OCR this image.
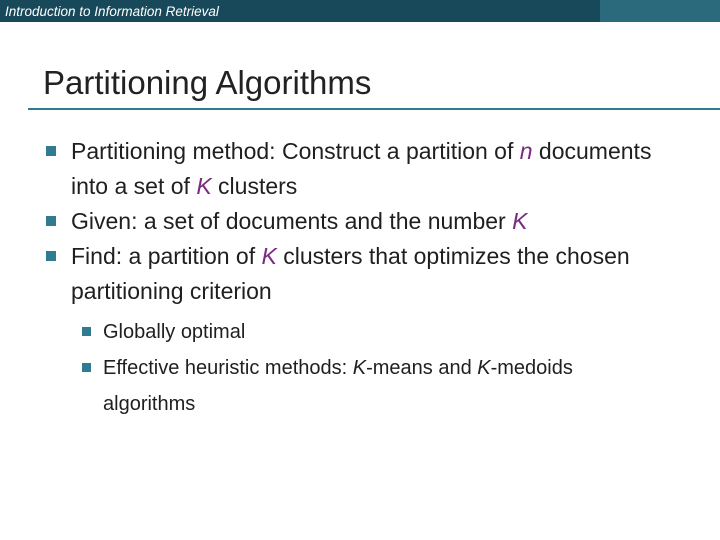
Introduction to Information Retrieval
Partitioning Algorithms
Partitioning method: Construct a partition of n documents into a set of K clusters
Given: a set of documents and the number K
Find: a partition of K clusters that optimizes the chosen partitioning criterion
Globally optimal
Effective heuristic methods: K-means and K-medoids algorithms
